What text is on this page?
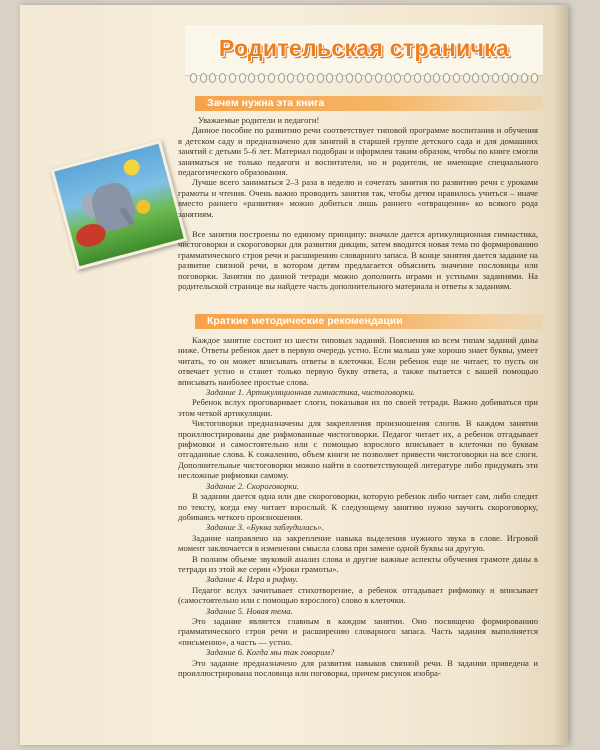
Родительская страничка
Зачем нужна эта книга

Уважаемые родители и педагоги!

Данное пособие по развитию речи соответствует типовой программе воспитания и обучения в детском саду и предназначено для занятий в старшей группе детского сада и для домашних занятий с детьми 5–6 лет. Материал подобран и оформлен таким образом, чтобы по книге смогли заниматься не только педагоги и воспитатели, но и родители, не имеющие специального педагогического образования.

Лучше всего заниматься 2–3 раза в неделю и сочетать занятия по развитию речи с уроками грамоты и чтения. Очень важно проводить занятия так, чтобы детям нравилось учиться – иначе вместо раннего «развития» можно добиться лишь раннего «отвращения» ко всякого рода занятиям.

Все занятия построены по единому принципу: вначале дается артикуляционная гимнастика, чистоговорки и скороговорки для развития дикции, затем вводится новая тема по формированию грамматического строя речи и расширению словарного запаса. В конце занятия дается задание на развитие связной речи, в котором детям предлагается объяснить значение пословицы или поговорки. Занятия по данной тетради можно дополнить играми и устными заданиями. На родительской странице вы найдете часть дополнительного материала и ответы к заданиям.

Краткие методические рекомендации

Каждое занятие состоит из шести типовых заданий. Пояснения ко всем типам заданий даны ниже. Ответы ребенок дает в первую очередь устно. Если малыш уже хорошо знает буквы, умеет читать, то он может вписывать ответы в клеточки. Если ребенок еще не читает, то пусть он отвечает устно и станет только первую букву ответа, а также пытается с вашей помощью вписывать наиболее простые слова.

Задание 1. Артикуляционная гимнастика, чистоговорки.

Ребенок вслух проговаривает слоги, показывая их по своей тетради. Важно добиваться при этом четкой артикуляции.

Чистоговорки предназначены для закрепления произношения слогов. В каждом занятии проиллюстрированы две рифмованные чистоговорки. Педагог читает их, а ребенок отгадывает рифмовки и самостоятельно или с помощью взрослого вписывает в клеточки по буквам отгаданные слова. К сожалению, объем книги не позволяет привести чистоговорки на все слоги. Дополнительные чистоговорки можно найти в соответствующей литературе либо придумать эти несложные рифмовки самому.

Задание 2. Скороговорки.

В задании дается одна или две скороговорки, которую ребенок либо читает сам, либо следит по тексту, когда ему читает взрослый. К следующему занятию нужно заучить скороговорку, добиваясь четкого произношения.

Задание 3. «Буква заблудилась».

Задание направлено на закрепление навыка выделения нужного звука в слове. Игровой момент заключается в изменении смысла слова при замене одной буквы на другую.

В полном объеме звуковой анализ слова и другие важные аспекты обучения грамоте даны в тетради из этой же серии «Уроки грамоты».

Задание 4. Игра в рифму.

Педагог вслух зачитывает стихотворение, а ребенок отгадывает рифмовку и вписывает (самостоятельно или с помощью взрослого) слово в клеточки.

Задание 5. Новая тема.

Это задание является главным в каждом занятии. Оно посвящено формированию грамматического строя речи и расширению словарного запаса. Часть задания выполняется «письменно», а часть — устно.

Задание 6. Когда мы так говорим?

Это задание предназначено для развития навыков связной речи. В задании приведена и проиллюстрирована пословица или поговорка, причем рисунок изобра-
